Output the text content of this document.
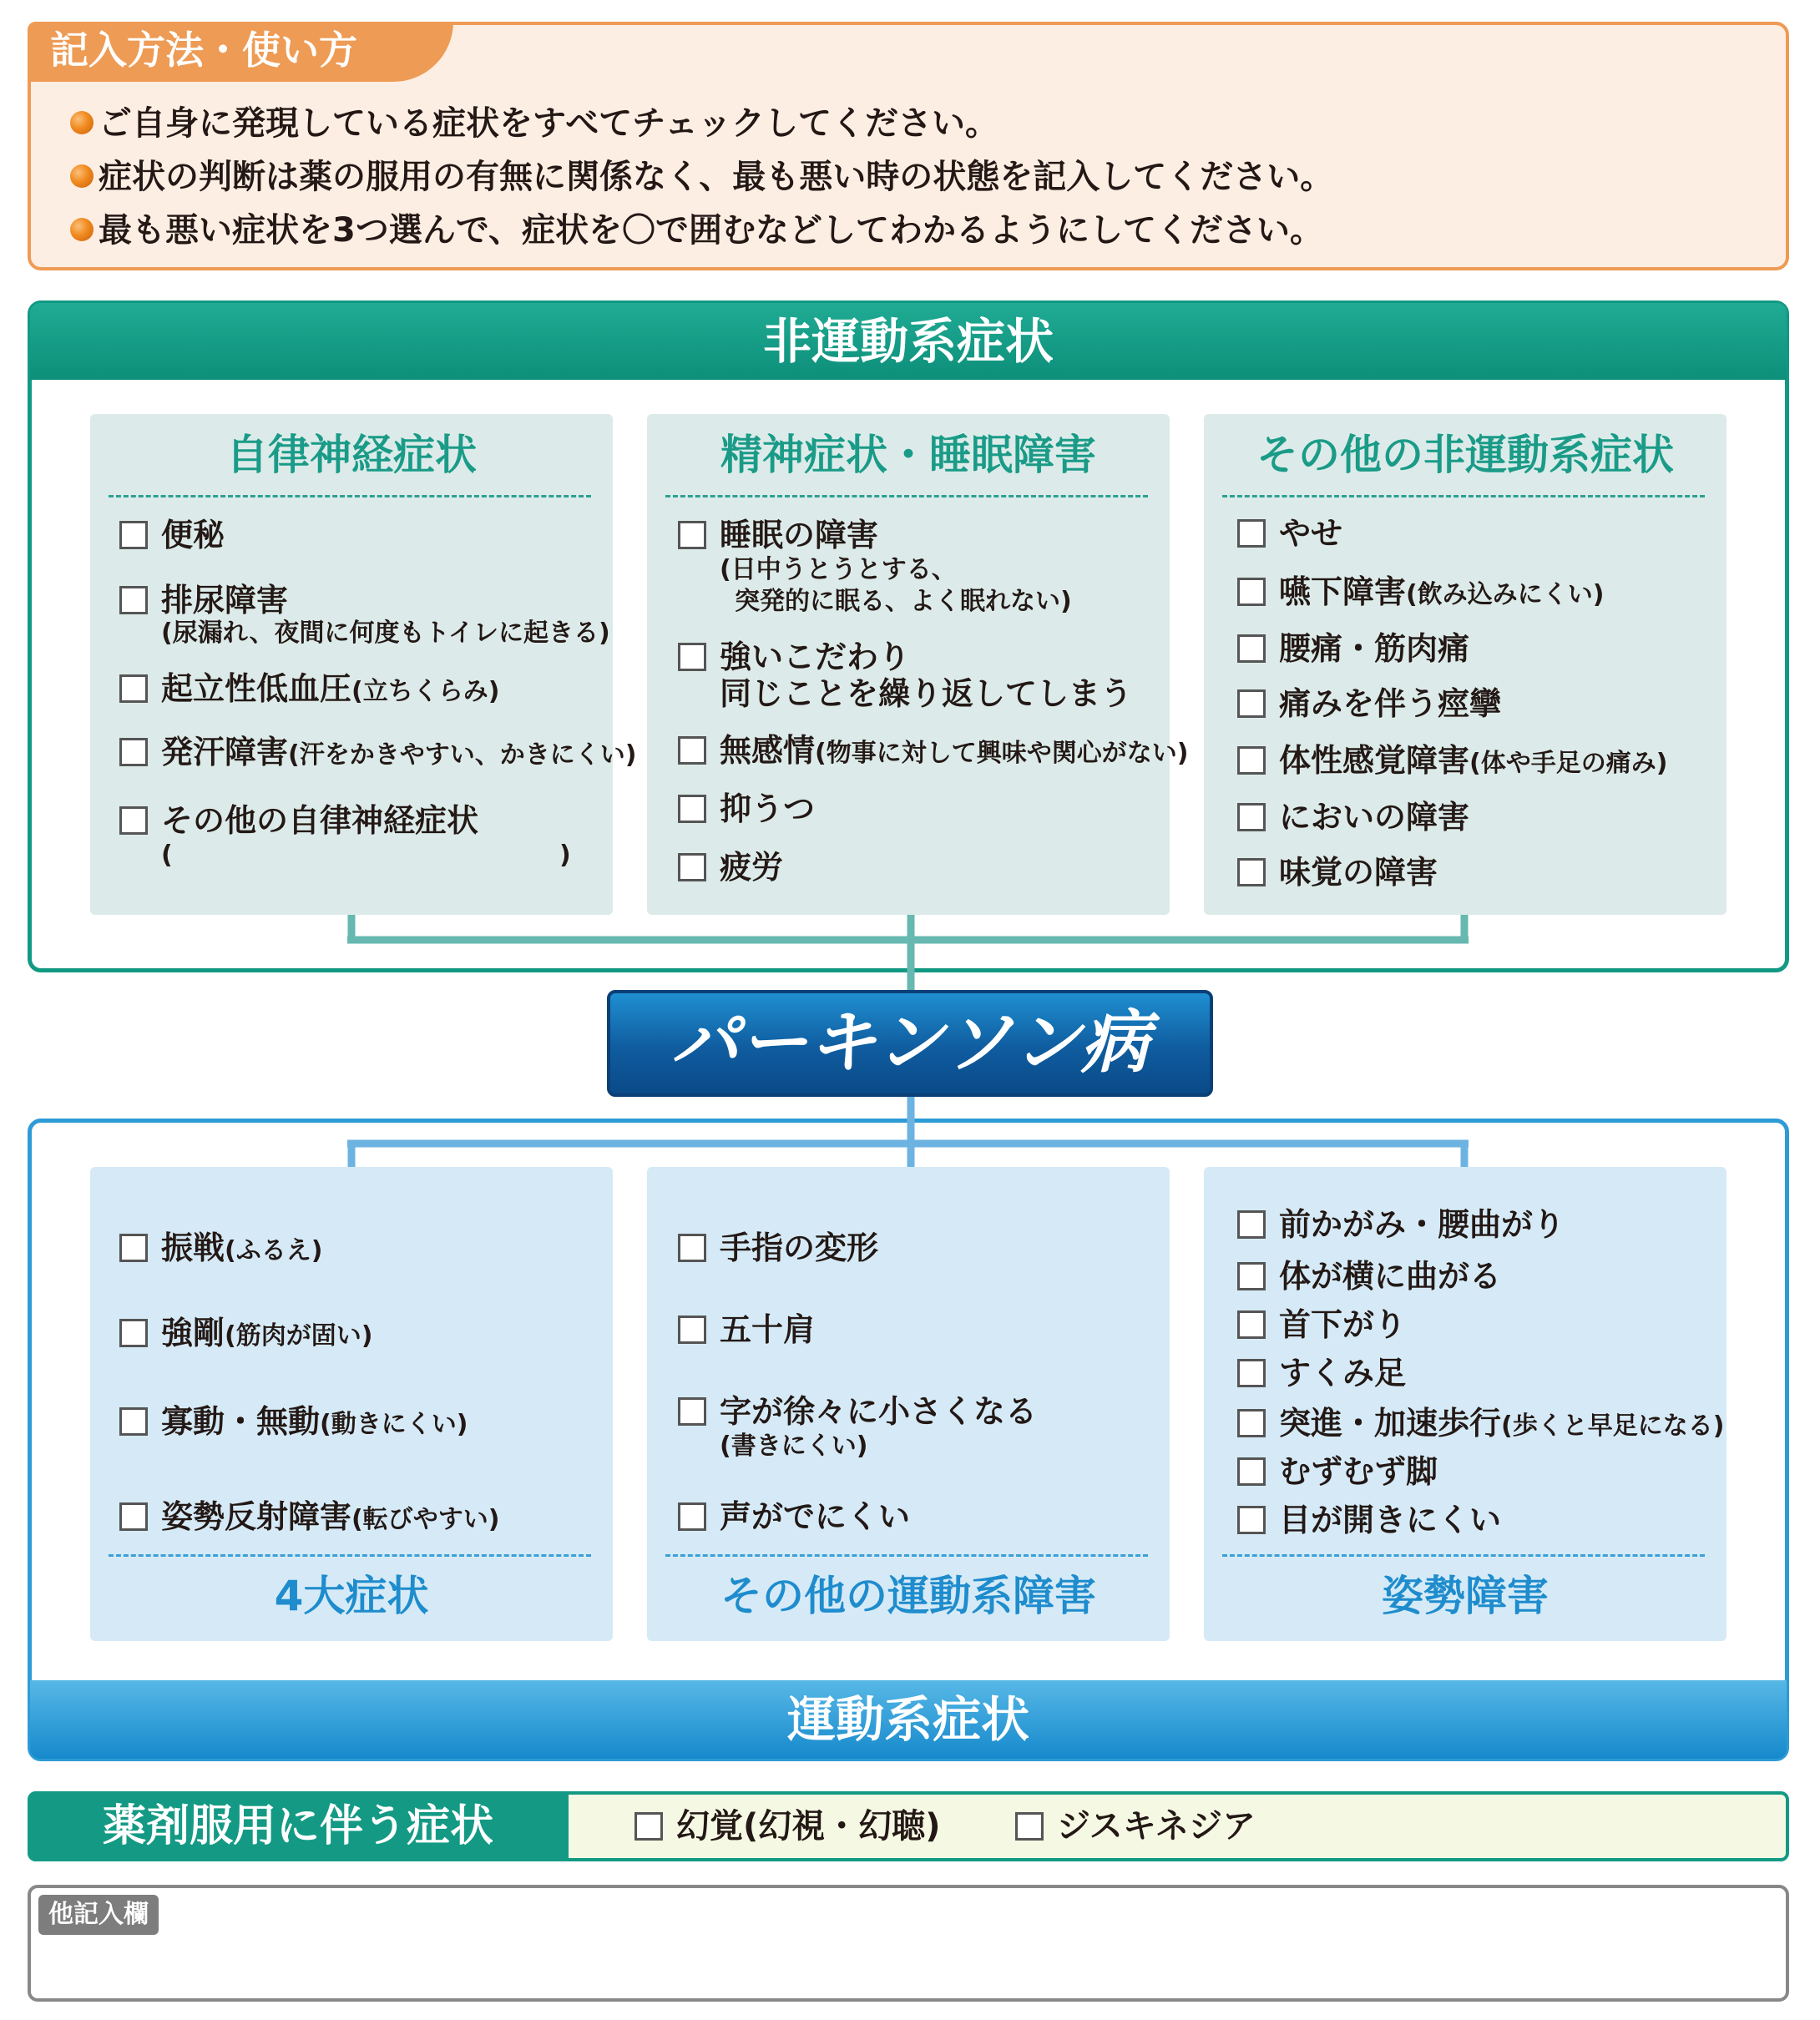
記入方法・使い方
ご自身に発現している症状をすべてチェックしてください。
症状の判断は薬の服用の有無に関係なく、最も悪い時の状態を記入してください。
最も悪い症状を3つ選んで、症状を〇で囲むなどしてわかるようにしてください。
非運動系症状
自律神経症状
便秘
排尿障害
(尿漏れ、夜間に何度もトイレに起きる)
起立性低血圧(立ちくらみ)
発汗障害(汗をかきやすい、かきにくい)
その他の自律神経症状
(	)
精神症状・睡眠障害
睡眠の障害
(日中うとうとする、
突発的に眠る、よく眠れない)
強いこだわり
同じことを繰り返してしまう
無感情(物事に対して興味や関心がない)
抑うつ
疲労
その他の非運動系症状
やせ
嚥下障害(飲み込みにくい)
腰痛・筋肉痛
痛みを伴う痙攣
体性感覚障害(体や手足の痛み)
においの障害
味覚の障害
パーキンソン病
運動系症状
4大症状
振戦(ふるえ)
強剛(筋肉が固い)
寡動・無動(動きにくい)
姿勢反射障害(転びやすい)
その他の運動系障害
手指の変形
五十肩
字が徐々に小さくなる
(書きにくい)
声がでにくい
姿勢障害
前かがみ・腰曲がり
体が横に曲がる
首下がり
すくみ足
突進・加速歩行(歩くと早足になる)
むずむず脚
目が開きにくい
薬剤服用に伴う症状	幻覚(幻視・幻聴)	ジスキネジア
他記入欄
